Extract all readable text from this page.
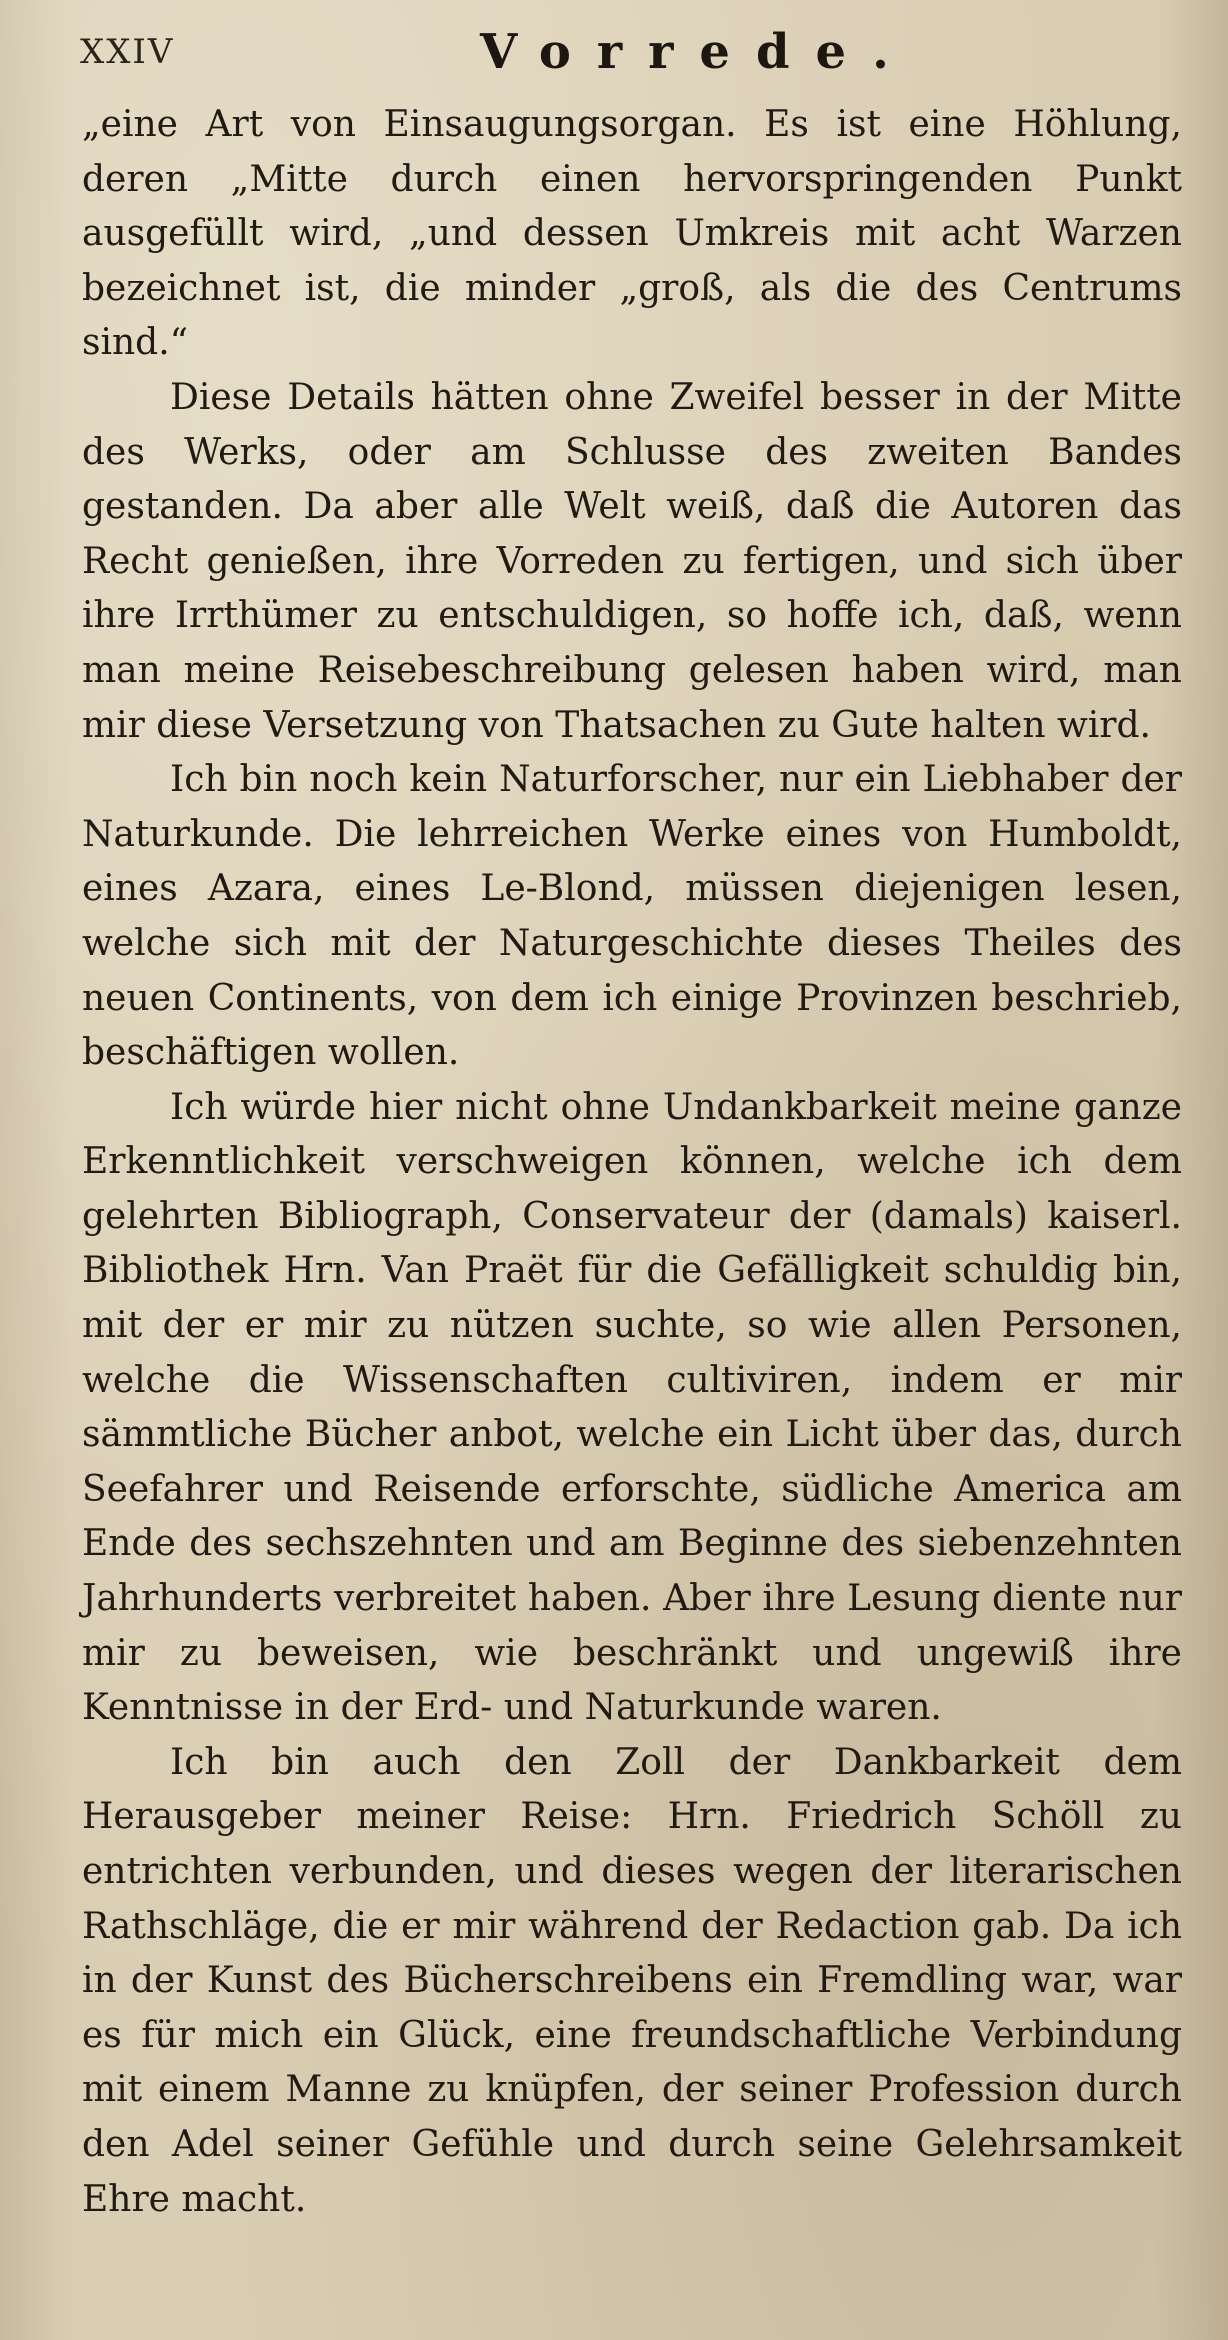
XXIV	Vorrede.

„eine Art von Einsaugungsorgan. Es ist eine Höhlung, deren „Mitte durch einen hervorspringenden Punkt ausgefüllt wird, „und dessen Umkreis mit acht Warzen bezeichnet ist, die minder „groß, als die des Centrums sind.“

Diese Details hätten ohne Zweifel besser in der Mitte des Werks, oder am Schlusse des zweiten Bandes gestanden. Da aber alle Welt weiß, daß die Autoren das Recht genießen, ihre Vorreden zu fertigen, und sich über ihre Irrthümer zu entschuldigen, so hoffe ich, daß, wenn man meine Reisebeschreibung gelesen haben wird, man mir diese Versetzung von Thatsachen zu Gute halten wird.

Ich bin noch kein Naturforscher, nur ein Liebhaber der Naturkunde. Die lehrreichen Werke eines von Humboldt, eines Azara, eines Le-Blond, müssen diejenigen lesen, welche sich mit der Naturgeschichte dieses Theiles des neuen Continents, von dem ich einige Provinzen beschrieb, beschäftigen wollen.

Ich würde hier nicht ohne Undankbarkeit meine ganze Erkenntlichkeit verschweigen können, welche ich dem gelehrten Bibliograph, Conservateur der (damals) kaiserl. Bibliothek Hrn. Van Praët für die Gefälligkeit schuldig bin, mit der er mir zu nützen suchte, so wie allen Personen, welche die Wissenschaften cultiviren, indem er mir sämmtliche Bücher anbot, welche ein Licht über das, durch Seefahrer und Reisende erforschte, südliche America am Ende des sechszehnten und am Beginne des siebenzehnten Jahrhunderts verbreitet haben. Aber ihre Lesung diente nur mir zu beweisen, wie beschränkt und ungewiß ihre Kenntnisse in der Erd- und Naturkunde waren.

Ich bin auch den Zoll der Dankbarkeit dem Herausgeber meiner Reise: Hrn. Friedrich Schöll zu entrichten verbunden, und dieses wegen der literarischen Rathschläge, die er mir während der Redaction gab. Da ich in der Kunst des Bücherschreibens ein Fremdling war, war es für mich ein Glück, eine freundschaftliche Verbindung mit einem Manne zu knüpfen, der seiner Profession durch den Adel seiner Gefühle und durch seine Gelehrsamkeit Ehre macht.
